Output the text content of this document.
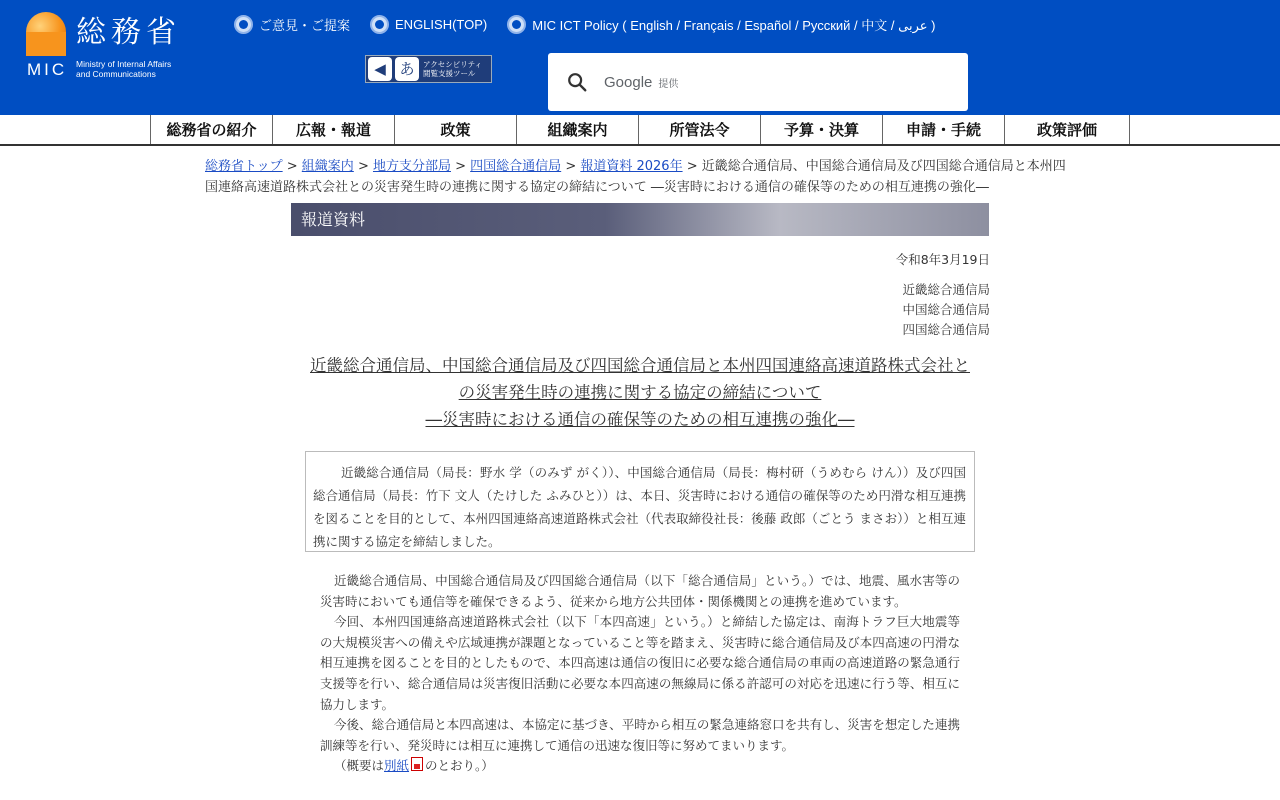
総務省
MIC Ministry of Internal Affairs
and Communications
ご意見・ご提案	ENGLISH(TOP)	MIC ICT Policy ( English / Français / Español / Русский / 中文 / عربى )
◀ あ	アクセシビリティ
閲覧支援ツール	Google 提供
総務省の紹介	広報・報道	政策	組織案内	所管法令	予算・決算	申請・手続	政策評価
総務省トップ > 組織案内 > 地方支分部局 > 四国総合通信局 > 報道資料 2026年 > 近畿総合通信局、中国総合通信局及び四国総合通信局と本州四国連絡高速道路株式会社との災害発生時の連携に関する協定の締結について ―災害時における通信の確保等のための相互連携の強化―
報道資料
令和8年3月19日
近畿総合通信局
中国総合通信局
四国総合通信局
近畿総合通信局、中国総合通信局及び四国総合通信局と本州四国連絡高速道路株式会社と
の災害発生時の連携に関する協定の締結について
―災害時における通信の確保等のための相互連携の強化―
近畿総合通信局（局長：野水 学（のみず がく））、中国総合通信局（局長：梅村研（うめむら けん））及び四国総合通信局（局長：竹下 文人（たけした ふみひと））は、本日、災害時における通信の確保等のため円滑な相互連携を図ることを目的として、本州四国連絡高速道路株式会社（代表取締役社長：後藤 政郎（ごとう まさお））と相互連携に関する協定を締結しました。

近畿総合通信局、中国総合通信局及び四国総合通信局（以下「総合通信局」という。）では、地震、風水害等の災害時においても通信等を確保できるよう、従来から地方公共団体・関係機関との連携を進めています。

今回、本州四国連絡高速道路株式会社（以下「本四高速」という。）と締結した協定は、南海トラフ巨大地震等の大規模災害への備えや広域連携が課題となっていること等を踏まえ、災害時に総合通信局及び本四高速の円滑な相互連携を図ることを目的としたもので、本四高速は通信の復旧に必要な総合通信局の車両の高速道路の緊急通行支援等を行い、総合通信局は災害復旧活動に必要な本四高速の無線局に係る許認可の対応を迅速に行う等、相互に協力します。

今後、総合通信局と本四高速は、本協定に基づき、平時から相互の緊急連絡窓口を共有し、災害を想定した連携訓練等を行い、発災時には相互に連携して通信の迅速な復旧等に努めてまいります。

（概要は別紙 のとおり。）
